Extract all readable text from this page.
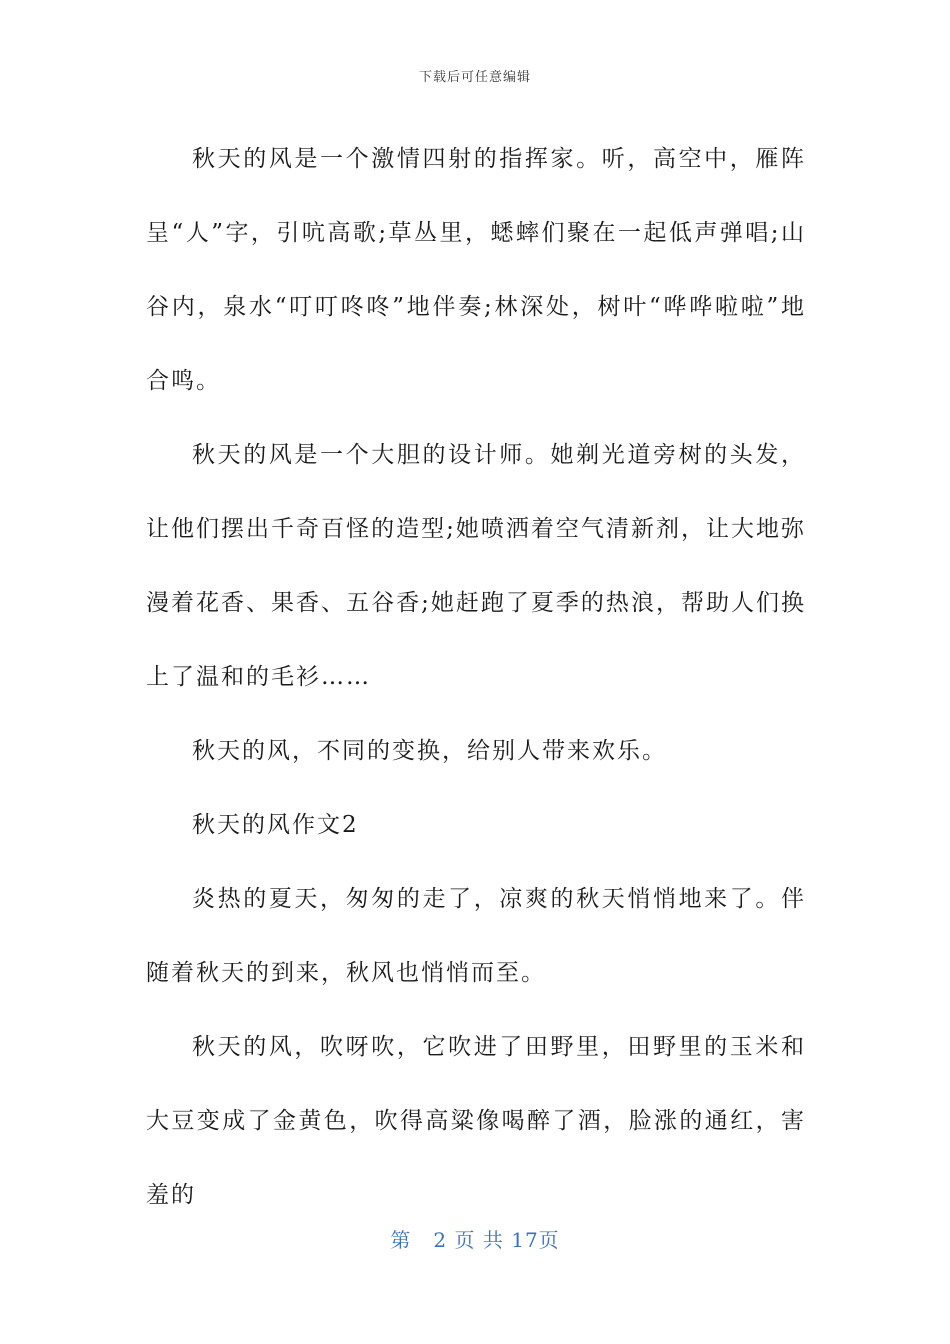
下载后可任意编辑

秋天的风是一个激情四射的指挥家。听，高空中，雁阵呈“人”字，引吭高歌;草丛里，蟋蟀们聚在一起低声弹唱;山谷内，泉水“叮叮咚咚”地伴奏;林深处，树叶“哗哗啦啦”地合鸣。

秋天的风是一个大胆的设计师。她剃光道旁树的头发，让他们摆出千奇百怪的造型;她喷洒着空气清新剂，让大地弥漫着花香、果香、五谷香;她赶跑了夏季的热浪，帮助人们换上了温和的毛衫……

秋天的风，不同的变换，给别人带来欢乐。

秋天的风作文2

炎热的夏天，匆匆的走了，凉爽的秋天悄悄地来了。伴随着秋天的到来，秋风也悄悄而至。

秋天的风，吹呀吹，它吹进了田野里，田野里的玉米和大豆变成了金黄色，吹得高粱像喝醉了酒，脸涨的通红，害羞的

第 2 页 共 17页
